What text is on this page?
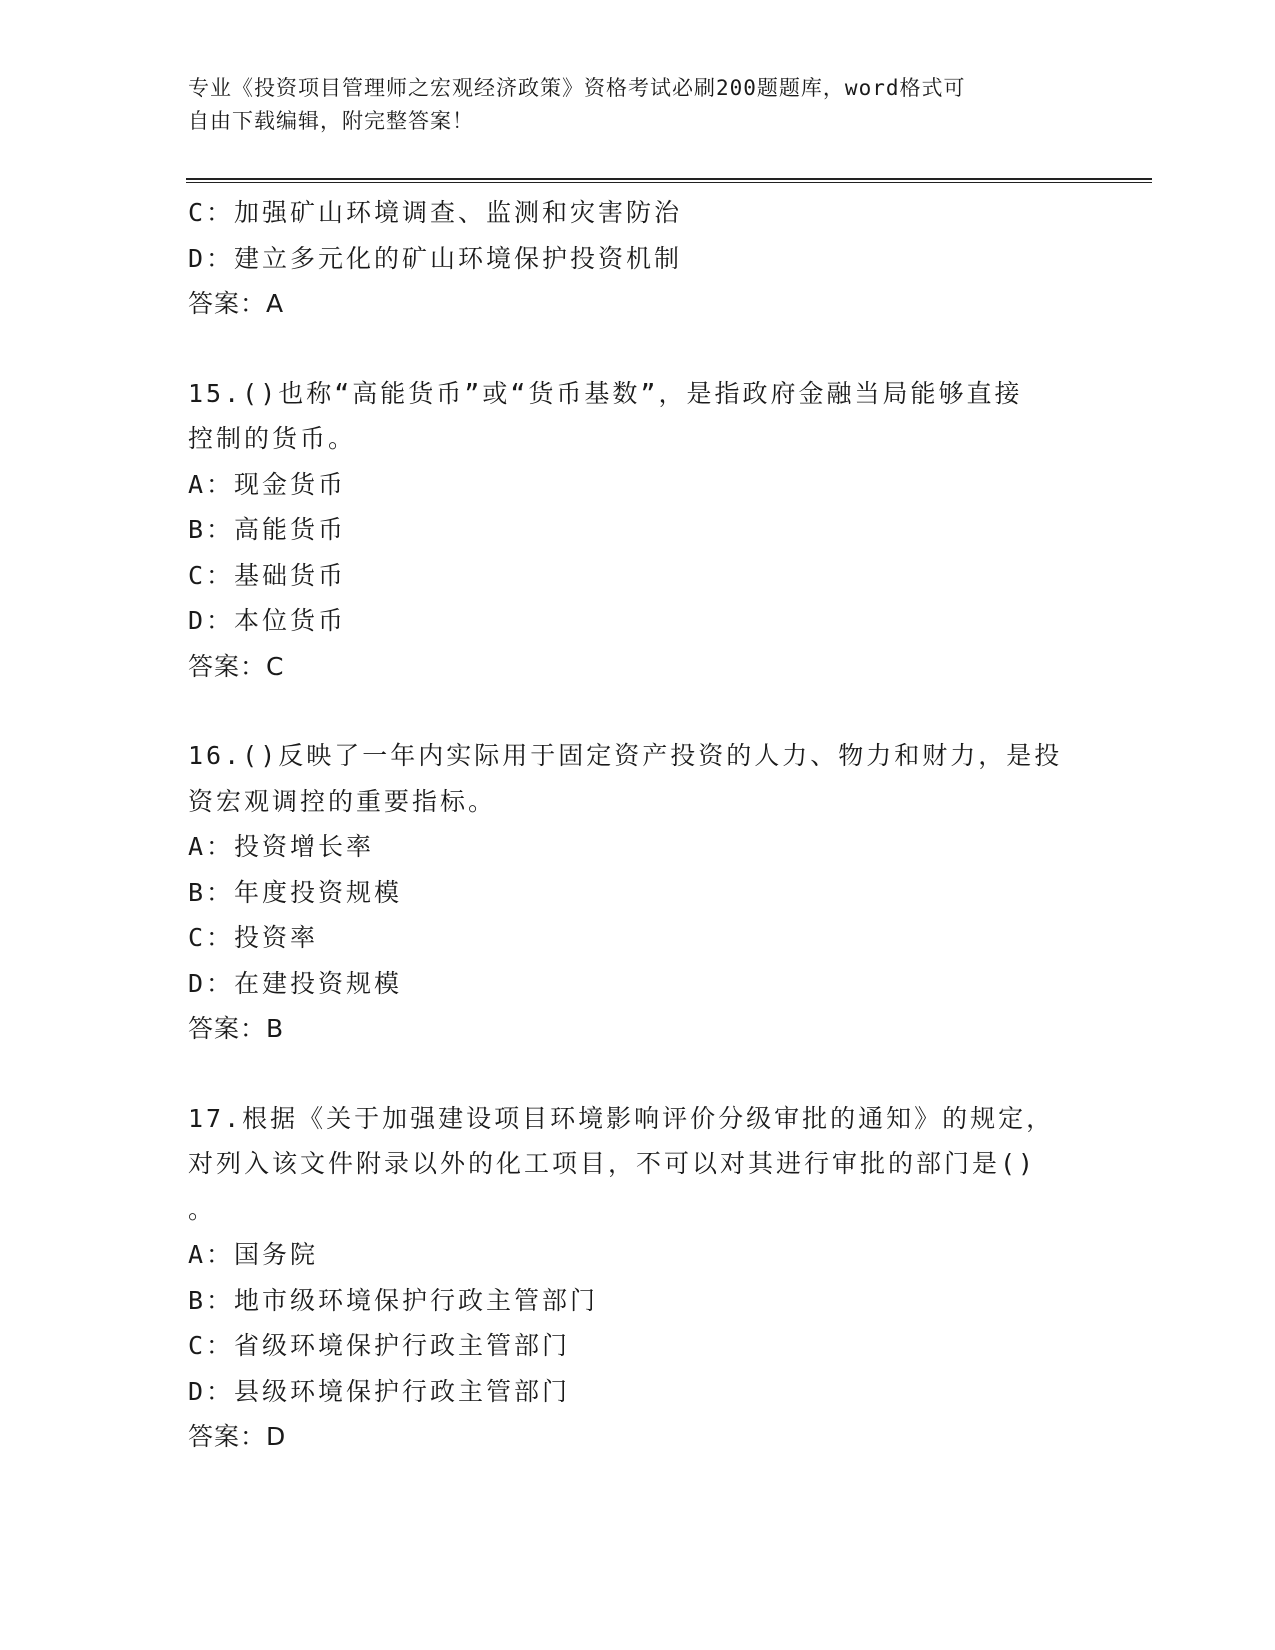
专业《投资项目管理师之宏观经济政策》资格考试必刷200题题库，word格式可
自由下载编辑，附完整答案！
C：加强矿山环境调查、监测和灾害防治
D：建立多元化的矿山环境保护投资机制
答案：A
15.()也称“高能货币”或“货币基数”，是指政府金融当局能够直接
控制的货币。
A：现金货币
B：高能货币
C：基础货币
D：本位货币
答案：C
16.()反映了一年内实际用于固定资产投资的人力、物力和财力，是投
资宏观调控的重要指标。
A：投资增长率
B：年度投资规模
C：投资率
D：在建投资规模
答案：B
17.根据《关于加强建设项目环境影响评价分级审批的通知》的规定，
对列入该文件附录以外的化工项目，不可以对其进行审批的部门是()
。
A：国务院
B：地市级环境保护行政主管部门
C：省级环境保护行政主管部门
D：县级环境保护行政主管部门
答案：D
